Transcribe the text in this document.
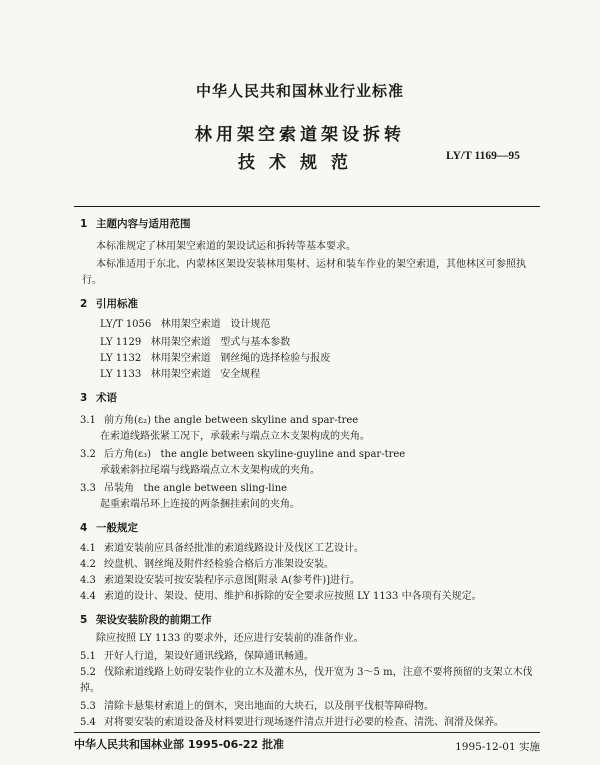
中华人民共和国林业行业标准
林用架空索道架设拆转
技术规范	LY/T 1169—95
1 主题内容与适用范围
本标准规定了林用架空索道的架设试运和拆转等基本要求。
本标准适用于东北、内蒙林区架设安装林用集材、运材和装车作业的架空索道，其他林区可参照执
行。
2 引用标准
LY/T 1056   林用架空索道   设计规范
LY 1129   林用架空索道   型式与基本参数
LY 1132   林用架空索道   钢丝绳的选择检验与报废
LY 1133   林用架空索道   安全规程
3 术语
3.1 前方角(ε₂) the angle between skyline and spar-tree
在索道线路张紧工况下，承载索与端点立木支架构成的夹角。
3.2 后方角(ε₃)   the angle between skyline-guyline and spar-tree
承载索斜拉尾端与线路端点立木支架构成的夹角。
3.3 吊装角   the angle between sling-line
起重索端吊环上连接的两条捆挂索间的夹角。
4 一般规定
4.1 索道安装前应具备经批准的索道线路设计及伐区工艺设计。
4.2 绞盘机、钢丝绳及附件经检验合格后方准架设安装。
4.3 索道架设安装可按安装程序示意图[附录 A(参考件)]进行。
4.4 索道的设计、架设、使用、维护和拆除的安全要求应按照 LY 1133 中各项有关规定。
5 架设安装阶段的前期工作
除应按照 LY 1133 的要求外，还应进行安装前的准备作业。
5.1 开好人行道，架设好通讯线路，保障通讯畅通。
5.2 伐除索道线路上妨碍安装作业的立木及灌木丛，伐开宽为 3～5 m，注意不要将预留的支架立木伐
掉。
5.3 清除卡悬集材索道上的倒木，突出地面的大块石，以及削平伐根等障碍物。
5.4 对将要安装的索道设备及材料要进行现场逐件清点并进行必要的检查、清洗、润滑及保养。
中华人民共和国林业部 1995-06-22 批准	1995-12-01 实施
